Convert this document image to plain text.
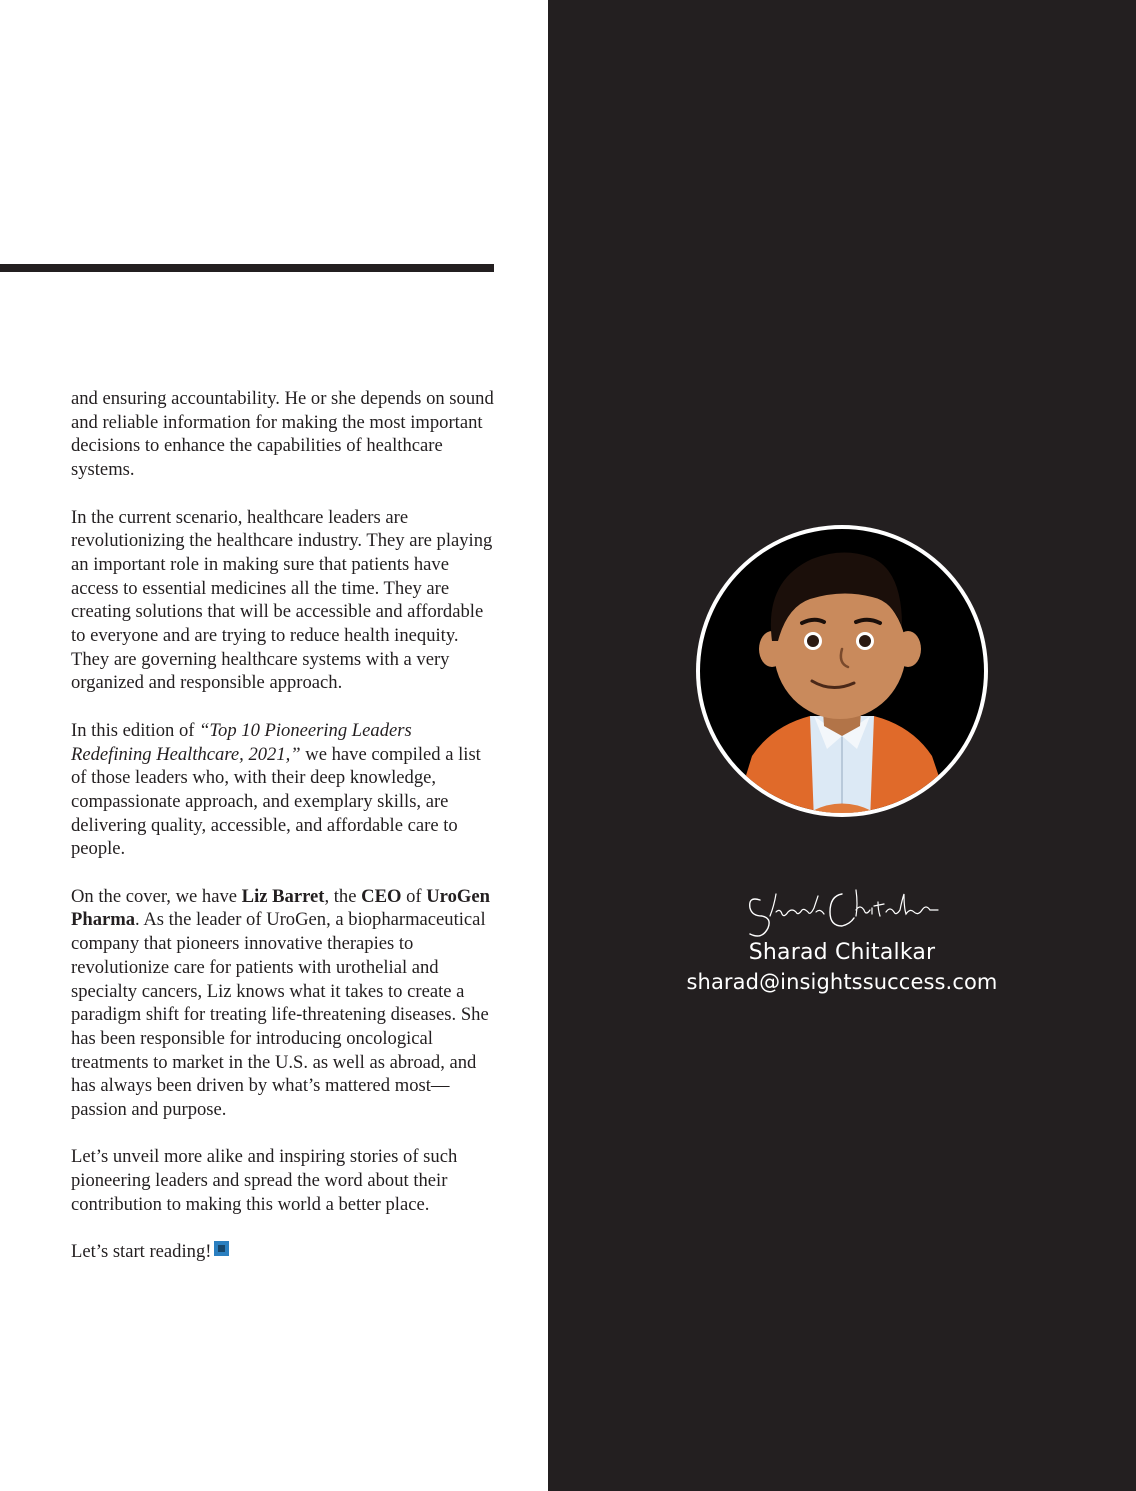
and ensuring accountability. He or she depends on sound and reliable information for making the most important decisions to enhance the capabilities of healthcare systems.

In the current scenario, healthcare leaders are revolutionizing the healthcare industry. They are playing an important role in making sure that patients have access to essential medicines all the time. They are creating solutions that will be accessible and affordable to everyone and are trying to reduce health inequity. They are governing healthcare systems with a very organized and responsible approach.

In this edition of “Top 10 Pioneering Leaders Redefining Healthcare, 2021,” we have compiled a list of those leaders who, with their deep knowledge, compassionate approach, and exemplary skills, are delivering quality, accessible, and affordable care to people.

On the cover, we have Liz Barret, the CEO of UroGen Pharma. As the leader of UroGen, a biopharmaceutical company that pioneers innovative therapies to revolutionize care for patients with urothelial and specialty cancers, Liz knows what it takes to create a paradigm shift for treating life-threatening diseases. She has been responsible for introducing oncological treatments to market in the U.S. as well as abroad, and has always been driven by what’s mattered most—passion and purpose.

Let’s unveil more alike and inspiring stories of such pioneering leaders and spread the word about their contribution to making this world a better place.

Let’s start reading!

Sharad Chitalkar
sharad@insightssuccess.com
